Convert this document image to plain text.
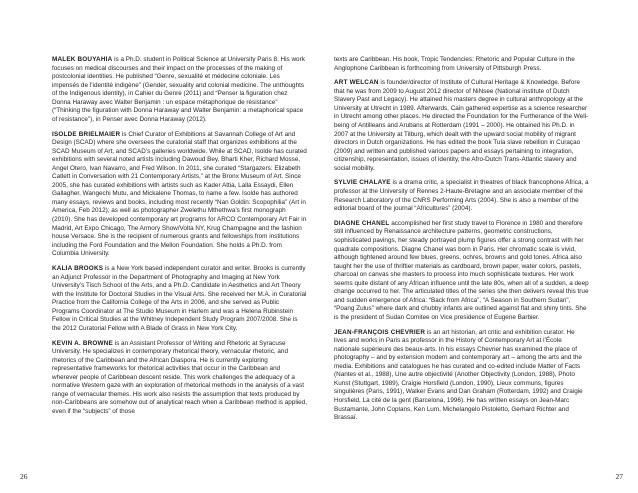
MALEK BOUYAHIA is a Ph.D. student in Political Science at University Paris 8. His work focuses on medical discourses and their impact on the processes of the making of postcolonial identities. He published “Genre, sexualité et médecine coloniale. Les impensés de l’identité indigène” (Gender, sexuality and colonial medicine. The unthoughts of the Indigenous identity), in Cahier du Genre (2011) and “Penser la figuration chez Donna Haraway avec Walter Benjamin : un espace métaphorique de résistance” (“Thinking the figuration with Donna Haraway and Walter Benjamin: a metaphorical space of resistance”), in Penser avec Donna Haraway (2012).

ISOLDE BRIELMAIER is Chief Curator of Exhibitions at Savannah College of Art and Design (SCAD) where she oversees the curatorial staff that organizes exhibitions at the SCAD Museum of Art, and SCAD’s galleries worldwide. While at SCAD, Isolde has curated exhibitions with several noted artists including Dawoud Bey, Bharti Kher, Richard Mosse, Angel Otero, Ivan Navarro, and Fred Wilson. In 2011, she curated “Stargazers: Elizabeth Catlett in Conversation with 21 Contemporary Artists,” at the Bronx Museum of Art. Since 2005, she has curated exhibitions with artists such as Kader Attia, Lalla Essaydi, Ellen Gallagher, Wangechi Mutu, and Mickalene Thomas, to name a few. Isolde has authored many essays, reviews and books, including most recently “Nan Goldin: Scopophilia” (Art in America, Feb 2012); as well as photographer Zwelethu Mthethwa’s first monograph (2010). She has developed contemporary art programs for ARCO Contemporary Art Fair in Madrid, Art Expo Chicago, The Armory Show/Volta NY, Krug Champagne and the fashion house Versace. She is the recipient of numerous grants and fellowships from institutions including the Ford Foundation and the Mellon Foundation. She holds a Ph.D. from Columbia University.

KALIA BROOKS is a New York based independent curator and writer. Brooks is currently an Adjunct Professor in the Department of Photography and Imaging at New York University’s Tisch School of the Arts, and a Ph.D. Candidate in Aesthetics and Art Theory with the Institute for Doctoral Studies in the Visual Arts. She received her M.A. in Curatorial Practice from the California College of the Arts in 2006, and she served as Public Programs Coordinator at The Studio Museum in Harlem and was a Helena Rubinstein Fellow in Critical Studies at the Whitney Independent Study Program 2007/2008. She is the 2012 Curatorial Fellow with A Blade of Grass in New York City.

KEVIN A. BROWNE is an Assistant Professor of Writing and Rhetoric at Syracuse University. He specializes in contemporary rhetorical theory, vernacular rhetoric, and rhetorics of the Caribbean and the African Diaspora. He is currently exploring representative frameworks for rhetorical activities that occur in the Caribbean and wherever people of Caribbean descent reside. This work challenges the adequacy of a normative Western gaze with an exploration of rhetorical methods in the analysis of a vast range of vernacular themes. His work also resists the assumption that texts produced by non-Caribbeans are somehow out of analytical reach when a Caribbean method is applied, even if the “subjects” of those

texts are Caribbean. His book, Tropic Tendencies: Rhetoric and Popular Culture in the Anglophone Caribbean is forthcoming from University of Pittsburgh Press.

ART WELCAN is founder/director of Institute of Cultural Heritage & Knowledge. Before that he was from 2009 to August 2012 director of NiNsee (National institute of Dutch Slavery Past and Legacy). He attained his masters degree in cultural anthropology at the University at Utrecht in 1989. Afterwards, Cain gathered expertise as a science researcher in Utrecht among other places. He directed the Foundation for the Furtherance of the Well-being of Antilleans and Arubans at Rotterdam (1991 – 2000). He obtained his Ph.D. in 2007 at the University at Tilburg, which dealt with the upward social mobility of migrant directors in Dutch organizations. He has edited the book Tula slave rebellion in Curaçao (2009) and written and published various papers and essays pertaining to integration, citizenship, representation, issues of identity, the Afro-Dutch Trans-Atlantic slavery and social mobility.

SYLVIE CHALAYE is a drama critic, a specialist in theatres of black francophone Africa, a professor at the University of Rennes 2-Haute-Bretagne and an associate member of the Research Laboratory of the CNRS Performing Arts (2004). She is also a member of the editorial board of the journal “Africultures” (2004).

DIAGNE CHANEL accomplished her first study travel to Florence in 1980 and therefore still influenced by Renaissance architecture patterns, geometric constructions, sophisticated pavings, her steady portrayed plump figures offer a strong contrast with her quadrate compositions. Diagne Chanel was born in Paris. Her chromatic scale is vivid, although tightened around few blues, greens, ochres, browns and gold tones. Africa also taught her the use of thriftier materials as cardboard, brown paper, water colors, pastels, charcoal on canvas she masters to process into much sophisticate textures. Her work seems quite distant of any African influence until the late 80s, when all of a sudden, a deep change occurred to her. The articulated titles of the series she then delivers reveal this true and sudden emergence of Africa: “Back from Africa”, “A Season in Southern Sudan”, “Poang Zulus” where dark and chubby infants are outlined against flat and shiny tints. She is the president of Sudan Comitee on Vice presidence of Eugene Barbier.

JEAN-FRANÇOIS CHEVRIER is an art historian, art critic and exhibition curator. He lives and works in Paris as professor in the History of Contemporary Art at l’École nationale supérieure des beaux-arts. In his essays Chevrier has examined the place of photography – and by extension modern and contemporary art – among the arts and the media. Exhibitions and catalogues he has curated and co-edited include Matter of Facts (Nantes et al., 1988), Une autre objectivité (Another Objectivity (London, 1988), Photo Kunst (Stuttgart, 1989), Craigie Horsfield (London, 1990), Lieux communs, figures singulières (Paris, 1991), Walker Evans and Dan Graham (Rotterdam, 1992) and Craigie Horsfield, La cité de la gent (Barcelona, 1996). He has written essays on Jean-Marc Bustamante, John Coplans, Ken Lum, Michelangelo Pistoletto, Gerhard Richter and Brassaï.

26	27
